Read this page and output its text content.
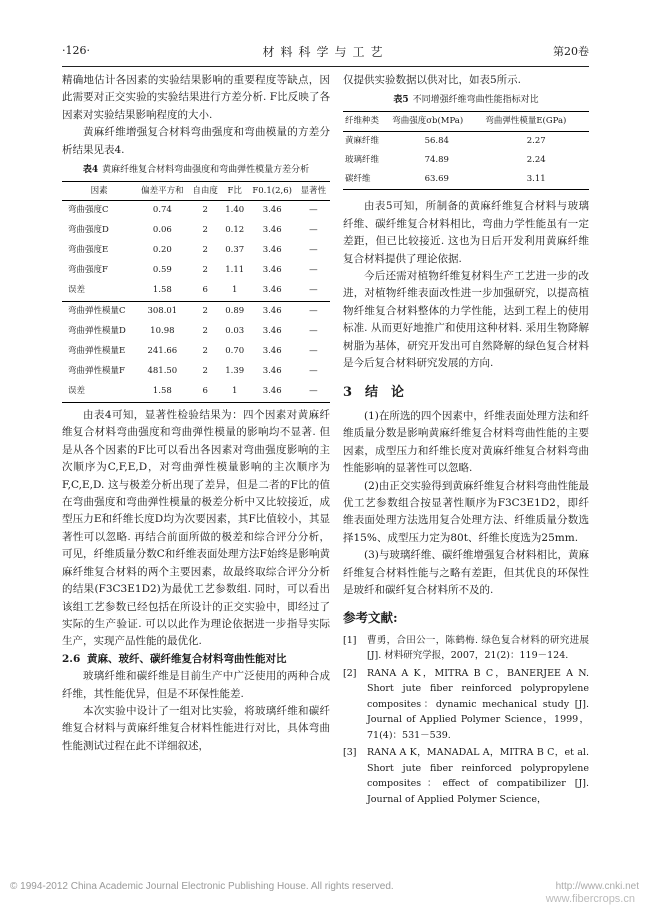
·126·	材料科学与工艺	第20卷

精确地估计各因素的实验结果影响的重要程度等缺点，因此需要对正交实验的实验结果进行方差分析. F比反映了各因素对实验结果影响程度的大小.

黄麻纤维增强复合材料弯曲强度和弯曲模量的方差分析结果见表4.

表4 黄麻纤维复合材料弯曲强度和弯曲弹性模量方差分析
因素	偏差平方和	自由度	F比	F0.1(2,6)	显著性
弯曲强度C	0.74	2	1.40	3.46	—
弯曲强度D	0.06	2	0.12	3.46	—
弯曲强度E	0.20	2	0.37	3.46	—
弯曲强度F	0.59	2	1.11	3.46	—
误差	1.58	6	1	3.46	—
弯曲弹性模量C	308.01	2	0.89	3.46	—
弯曲弹性模量D	10.98	2	0.03	3.46	—
弯曲弹性模量E	241.66	2	0.70	3.46	—
弯曲弹性模量F	481.50	2	1.39	3.46	—
误差	1.58	6	1	3.46	—

由表4可知，显著性检验结果为：四个因素对黄麻纤维复合材料弯曲强度和弯曲弹性模量的影响均不显著. 但是从各个因素的F比可以看出各因素对弯曲强度影响的主次顺序为C,F,E,D，对弯曲弹性模量影响的主次顺序为F,C,E,D. 这与极差分析出现了差异，但是二者的F比的值在弯曲强度和弯曲弹性模量的极差分析中又比较接近，成型压力E和纤维长度D均为次要因素，其F比值较小，其显著性可以忽略. 再结合前面所做的极差和综合评分分析，可见，纤维质量分数C和纤维表面处理方法F始终是影响黄麻纤维复合材料的两个主要因素，故最终取综合评分分析的结果(F3C3E1D2)为最优工艺参数组. 同时，可以看出该组工艺参数已经包括在所设计的正交实验中，即经过了实际的生产验证. 可以以此作为理论依据进一步指导实际生产，实现产品性能的最优化.

2.6 黄麻、玻纤、碳纤维复合材料弯曲性能对比

玻璃纤维和碳纤维是目前生产中广泛使用的两种合成纤维，其性能优异，但是不环保性能差.

本次实验中设计了一组对比实验，将玻璃纤维和碳纤维复合材料与黄麻纤维复合材料性能进行对比，具体弯曲性能测试过程在此不详细叙述，

仅提供实验数据以供对比，如表5所示.

表5 不同增强纤维弯曲性能指标对比
纤维种类	弯曲强度σb(MPa)	弯曲弹性模量E(GPa)
黄麻纤维	56.84	2.27
玻璃纤维	74.89	2.24
碳纤维	63.69	3.11

由表5可知，所制备的黄麻纤维复合材料与玻璃纤维、碳纤维复合材料相比，弯曲力学性能虽有一定差距，但已比较接近. 这也为日后开发利用黄麻纤维复合材料提供了理论依据.

今后还需对植物纤维复材料生产工艺进一步的改进，对植物纤维表面改性进一步加强研究，以提高植物纤维复合材料整体的力学性能，达到工程上的使用标准. 从而更好地推广和使用这种材料. 采用生物降解树脂为基体，研究开发出可自然降解的绿色复合材料是今后复合材料研究发展的方向.

3 结　论

(1)在所选的四个因素中，纤维表面处理方法和纤维质量分数是影响黄麻纤维复合材料弯曲性能的主要因素，成型压力和纤维长度对黄麻纤维复合材料弯曲性能影响的显著性可以忽略.

(2)由正交实验得到黄麻纤维复合材料弯曲性能最优工艺参数组合按显著性顺序为F3C3E1D2，即纤维表面处理方法选用复合处理方法、纤维质量分数选择15%、成型压力定为80t、纤维长度选为25mm.

(3)与玻璃纤维、碳纤维增强复合材料相比，黄麻纤维复合材料性能与之略有差距，但其优良的环保性是玻纤和碳纤复合材料所不及的.

参考文献:
[1]	曹勇，合田公一，陈鹤梅. 绿色复合材料的研究进展[J]. 材料研究学报，2007，21(2)：119－124.
[2]	RANA A K，MITRA B C，BANERJEE A N. Short jute fiber reinforced polypropylene composites：dynamic mechanical study [J]. Journal of Applied Polymer Science，1999，71(4)：531－539.
[3]	RANA A K，MANADAL A，MITRA B C，et al. Short jute fiber reinforced polypropylene composites：effect of compatibilizer [J]. Journal of Applied Polymer Science，
© 1994-2012 China Academic Journal Electronic Publishing House. All rights reserved.	http://www.cnki.net
www.fibercrops.cn
